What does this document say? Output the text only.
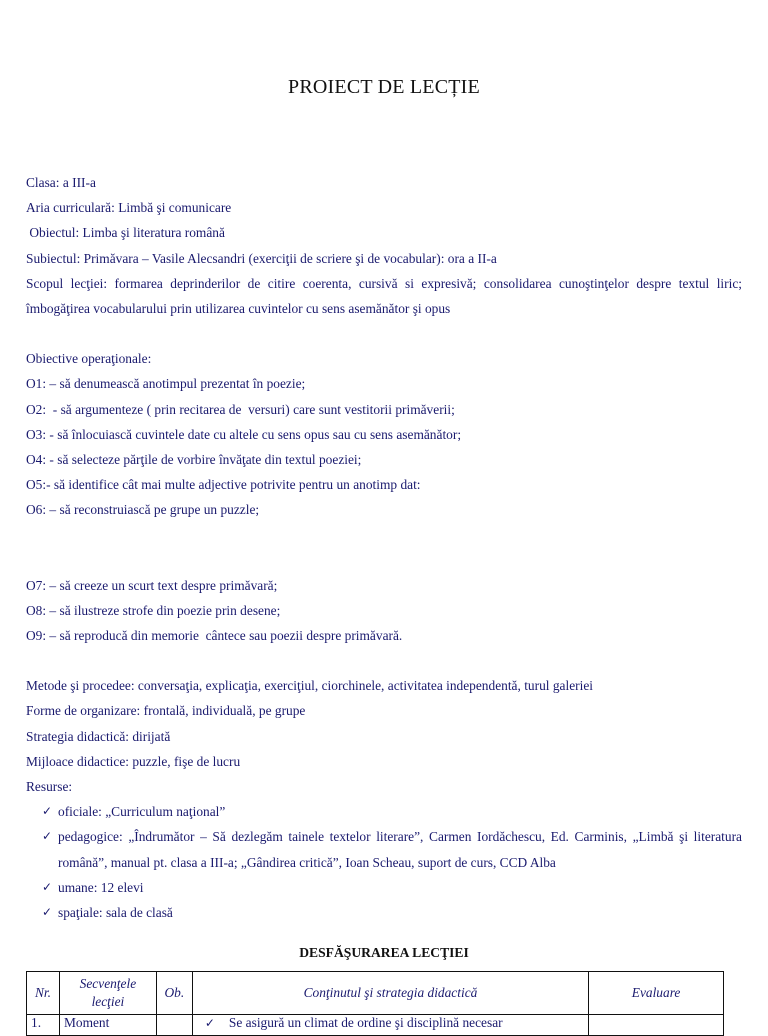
PROIECT DE LECȚIE
Clasa: a III-a
Aria curriculară: Limbă şi comunicare
Obiectul: Limba şi literatura română
Subiectul: Primăvara – Vasile Alecsandri (exerciţii de scriere şi de vocabular): ora a II-a
Scopul lecţiei: formarea deprinderilor de citire coerenta, cursivă si expresivă; consolidarea cunoştinţelor despre textul liric; îmbogăţirea vocabularului prin utilizarea cuvintelor cu sens asemănător şi opus
Obiective operaţionale:
O1: – să denumească anotimpul prezentat în poezie;
O2:  - să argumenteze ( prin recitarea de  versuri) care sunt vestitorii primăverii;
O3: - să înlocuiască cuvintele date cu altele cu sens opus sau cu sens asemănător;
O4: - să selecteze părţile de vorbire învăţate din textul poeziei;
O5:- să identifice cât mai multe adjective potrivite pentru un anotimp dat:
O6: – să reconstruiască pe grupe un puzzle;
O7: – să creeze un scurt text despre primăvară;
O8: – să ilustreze strofe din poezie prin desene;
O9: – să reproducă din memorie  cântece sau poezii despre primăvară.
Metode şi procedee: conversaţia, explicaţia, exerciţiul, ciorchinele, activitatea independentă, turul galeriei
Forme de organizare: frontală, individuală, pe grupe
Strategia didactică: dirijată
Mijloace didactice: puzzle, fişe de lucru
Resurse:
✓ oficiale: „Curriculum naţional”
✓ pedagogice: „Îndrumător – Să dezlegăm tainele textelor literare”, Carmen Iordăchescu, Ed. Carminis, „Limbă şi literatura română”, manual pt. clasa a III-a; „Gândirea critică”, Ioan Scheau, suport de curs, CCD Alba
✓ umane: 12 elevi
✓ spaţiale: sala de clasă
DESFĂŞURAREA LECŢIEI
Nr.	Secvenţele lecţiei	Ob.	Conţinutul şi strategia didactică	Evaluare
1.	Moment		✓ Se asigură un climat de ordine şi disciplină necesar	
